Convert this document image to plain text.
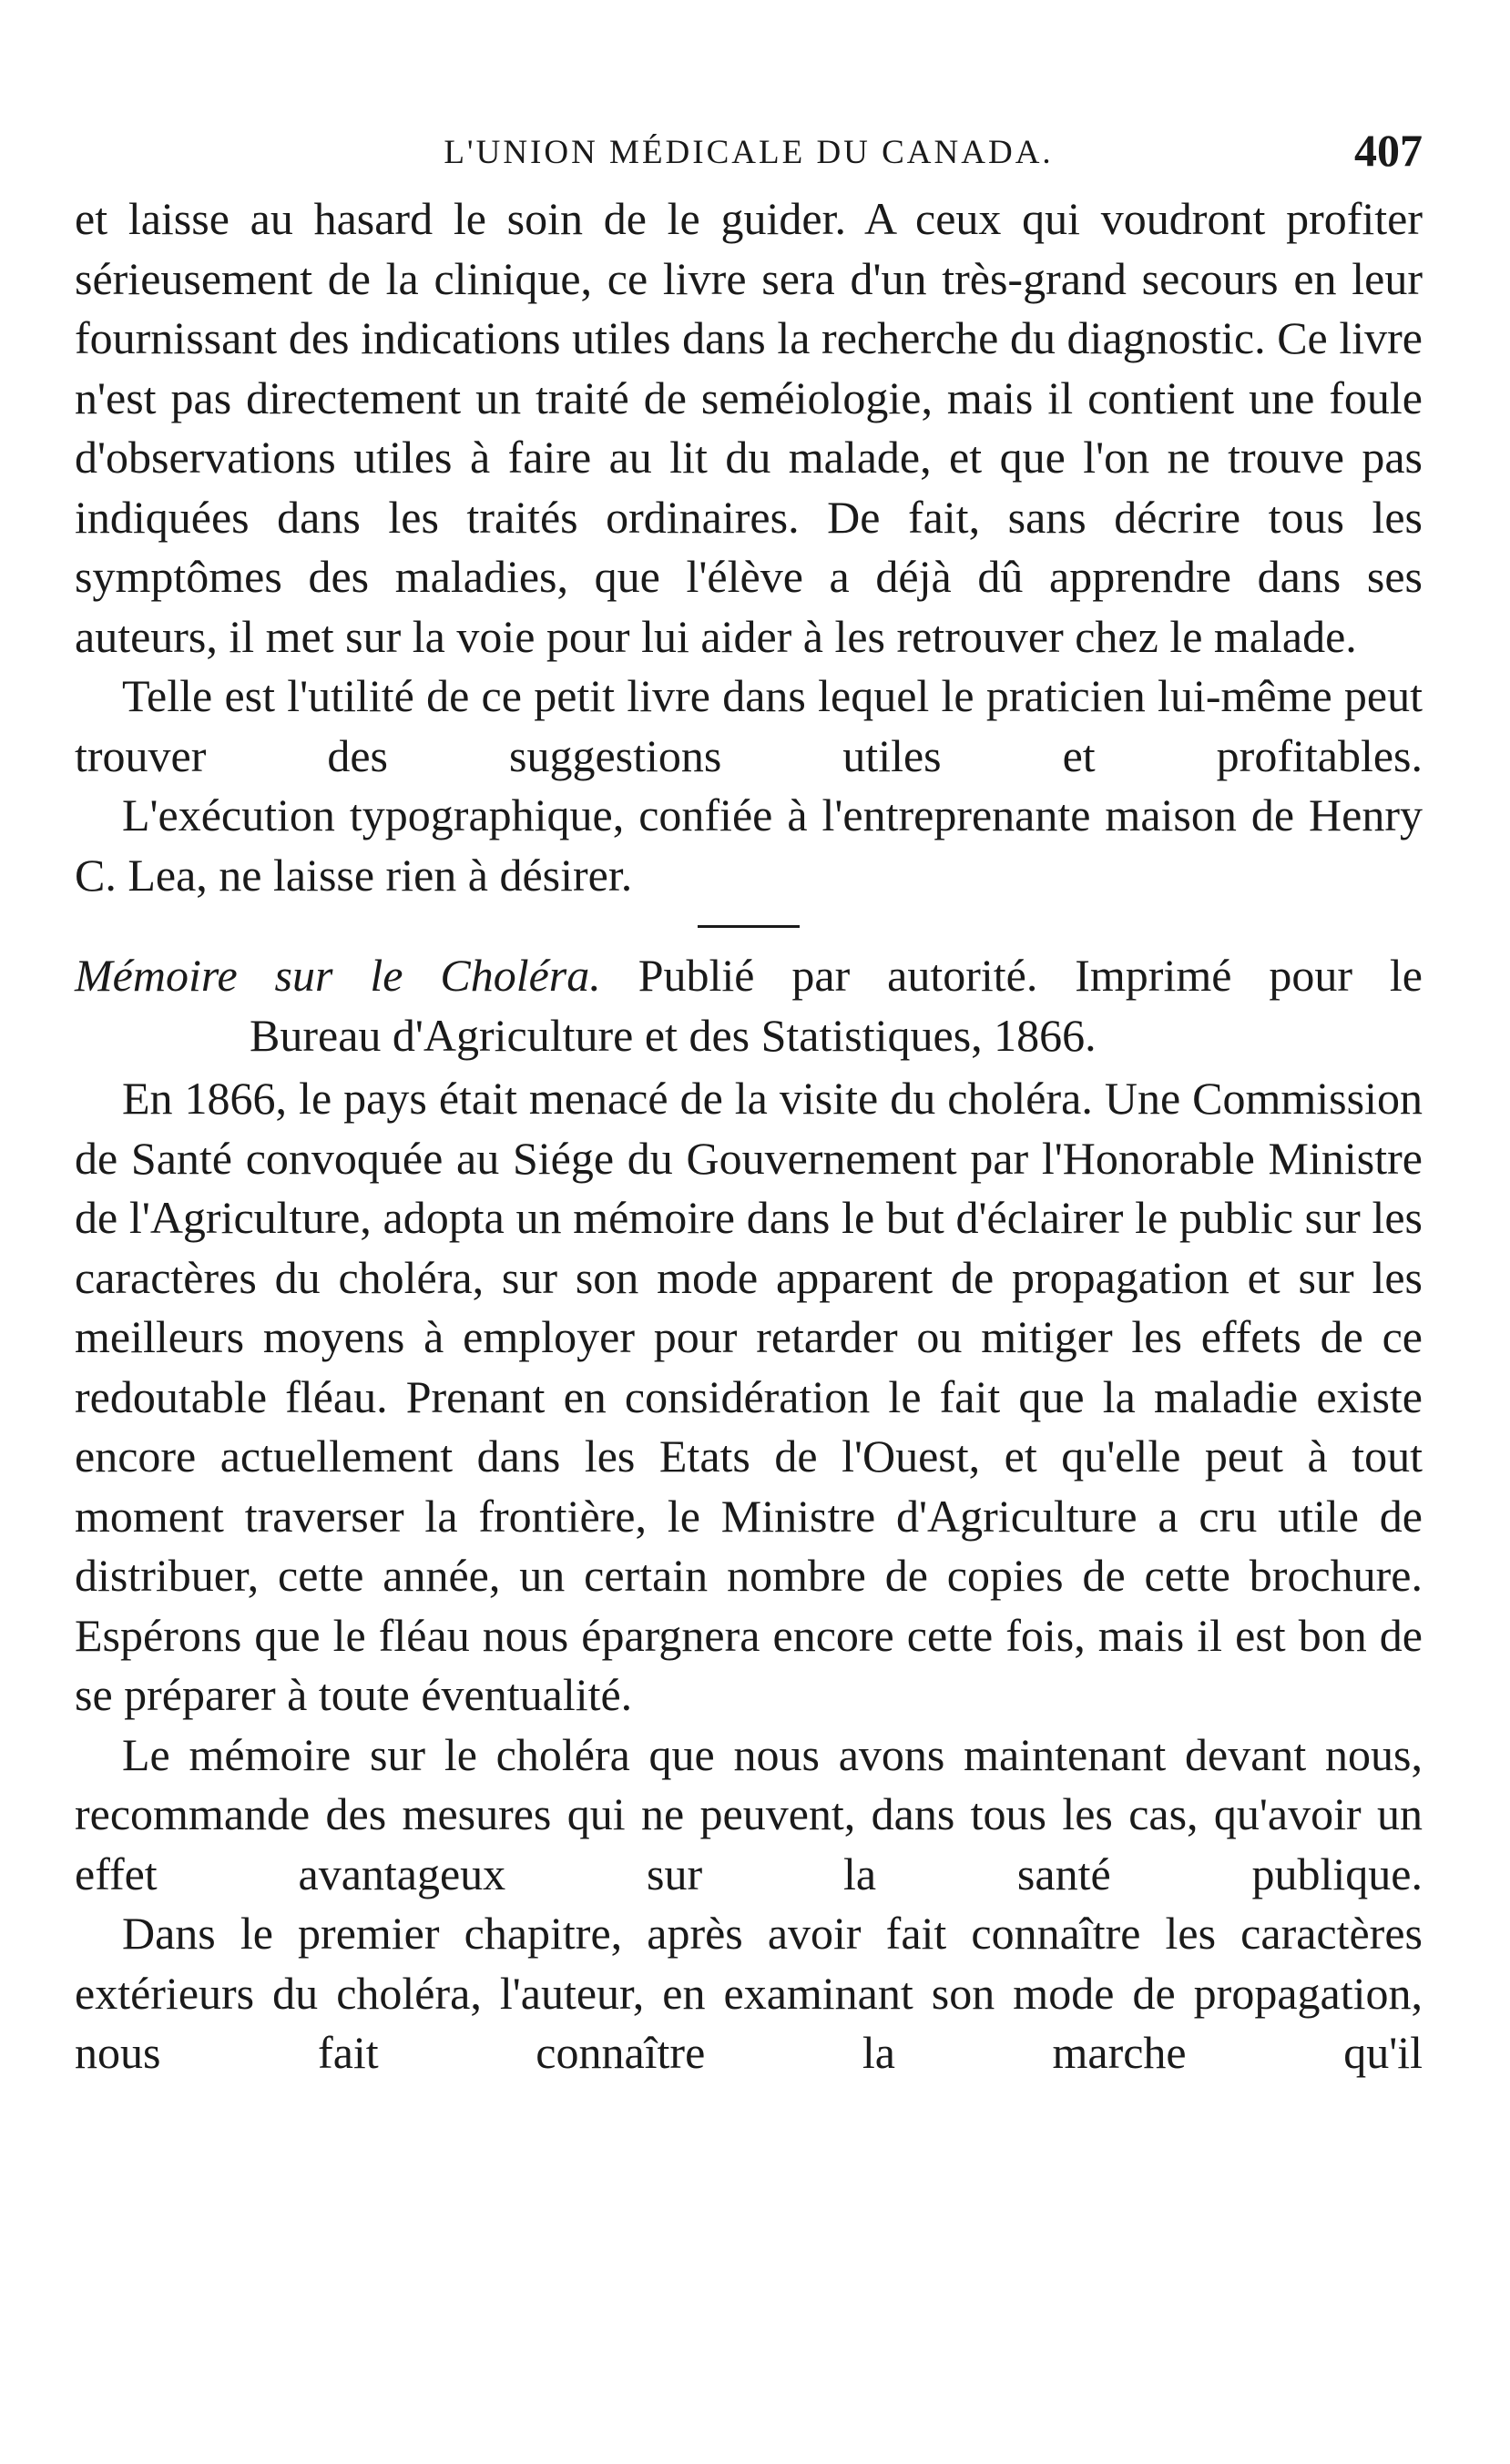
L'UNION MÉDICALE DU CANADA.	407

et laisse au hasard le soin de le guider. A ceux qui voudront profiter sérieusement de la clinique, ce livre sera d'un très-grand secours en leur fournissant des indications utiles dans la recherche du diagnostic. Ce livre n'est pas directement un traité de seméiologie, mais il contient une foule d'observations utiles à faire au lit du malade, et que l'on ne trouve pas indiquées dans les traités ordinaires. De fait, sans décrire tous les symptômes des maladies, que l'élève a déjà dû apprendre dans ses auteurs, il met sur la voie pour lui aider à les retrouver chez le malade.

Telle est l'utilité de ce petit livre dans lequel le praticien lui-même peut trouver des suggestions utiles et profitables.

L'exécution typographique, confiée à l'entreprenante maison de Henry C. Lea, ne laisse rien à désirer.

Mémoire sur le Choléra. Publié par autorité. Imprimé pour le

Bureau d'Agriculture et des Statistiques, 1866.

En 1866, le pays était menacé de la visite du choléra. Une Commission de Santé convoquée au Siége du Gouvernement par l'Honorable Ministre de l'Agriculture, adopta un mémoire dans le but d'éclairer le public sur les caractères du choléra, sur son mode apparent de propagation et sur les meilleurs moyens à employer pour retarder ou mitiger les effets de ce redoutable fléau. Prenant en considération le fait que la maladie existe encore actuellement dans les Etats de l'Ouest, et qu'elle peut à tout moment traverser la frontière, le Ministre d'Agriculture a cru utile de distribuer, cette année, un certain nombre de copies de cette brochure. Espérons que le fléau nous épargnera encore cette fois, mais il est bon de se préparer à toute éventualité.

Le mémoire sur le choléra que nous avons maintenant devant nous, recommande des mesures qui ne peuvent, dans tous les cas, qu'avoir un effet avantageux sur la santé publique.

Dans le premier chapitre, après avoir fait connaître les caractères extérieurs du choléra, l'auteur, en examinant son mode de propagation, nous fait connaître la marche qu'il
